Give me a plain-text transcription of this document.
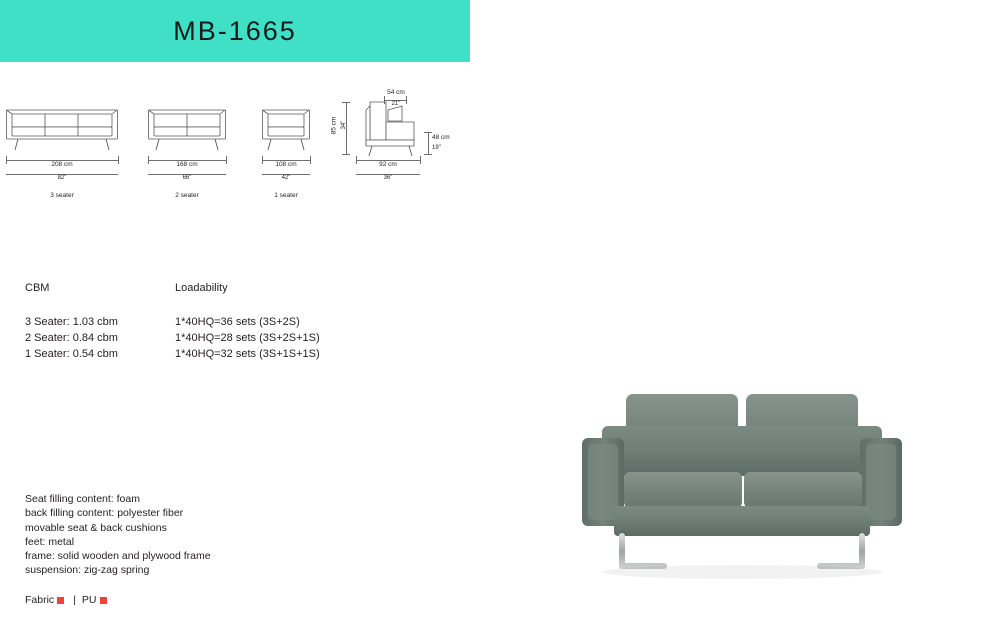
MB-1665
208 cm
82"
3 seater
168 cm
66"
2 seater
108 cm
42"
1 seater
54 cm
21"
85 cm 34"
48 cm
19"
92 cm
36"
CBM
3 Seater: 1.03 cbm
2 Seater: 0.84 cbm
1 Seater: 0.54 cbm
Loadability
1*40HQ=36 sets (3S+2S)
1*40HQ=28 sets (3S+2S+1S)
1*40HQ=32 sets (3S+1S+1S)
Seat filling content: foam
back filling content: polyester fiber
movable seat & back cushions
feet: metal
frame: solid wooden and plywood frame
suspension: zig-zag spring
Fabric | PU
